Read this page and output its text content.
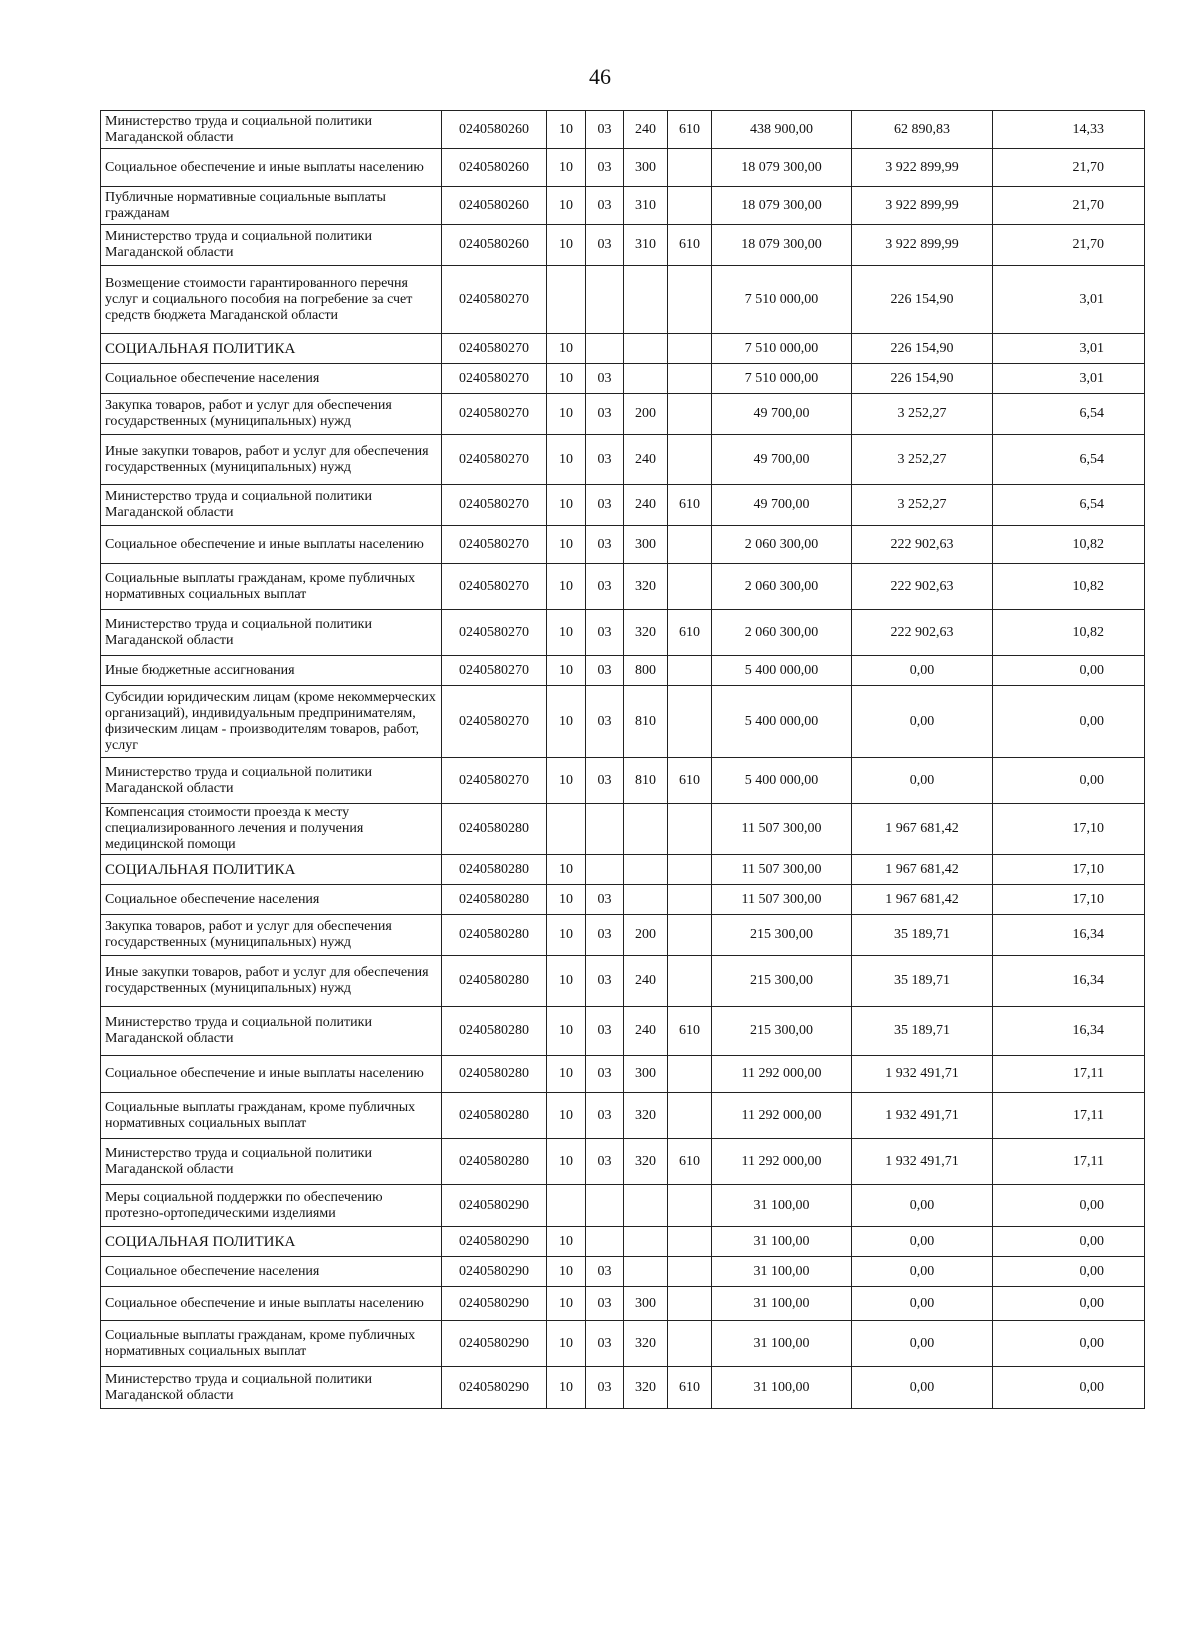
46
Министерство труда и социальной политики Магаданской области	0240580260	10	03	240	610	438 900,00	62 890,83	14,33
Социальное обеспечение и иные выплаты населению	0240580260	10	03	300		18 079 300,00	3 922 899,99	21,70
Публичные нормативные социальные выплаты гражданам	0240580260	10	03	310		18 079 300,00	3 922 899,99	21,70
Министерство труда и социальной политики Магаданской области	0240580260	10	03	310	610	18 079 300,00	3 922 899,99	21,70
Возмещение стоимости гарантированного перечня услуг и социального пособия на погребение за счет средств бюджета Магаданской области	0240580270					7 510 000,00	226 154,90	3,01
СОЦИАЛЬНАЯ ПОЛИТИКА	0240580270	10				7 510 000,00	226 154,90	3,01
Социальное обеспечение населения	0240580270	10	03			7 510 000,00	226 154,90	3,01
Закупка товаров, работ и услуг для обеспечения государственных (муниципальных) нужд	0240580270	10	03	200		49 700,00	3 252,27	6,54
Иные закупки товаров, работ и услуг для обеспечения государственных (муниципальных) нужд	0240580270	10	03	240		49 700,00	3 252,27	6,54
Министерство труда и социальной политики Магаданской области	0240580270	10	03	240	610	49 700,00	3 252,27	6,54
Социальное обеспечение и иные выплаты населению	0240580270	10	03	300		2 060 300,00	222 902,63	10,82
Социальные выплаты гражданам, кроме публичных нормативных социальных выплат	0240580270	10	03	320		2 060 300,00	222 902,63	10,82
Министерство труда и социальной политики Магаданской области	0240580270	10	03	320	610	2 060 300,00	222 902,63	10,82
Иные бюджетные ассигнования	0240580270	10	03	800		5 400 000,00	0,00	0,00
Субсидии юридическим лицам (кроме некоммерческих организаций), индивидуальным предпринимателям, физическим лицам - производителям товаров, работ, услуг	0240580270	10	03	810		5 400 000,00	0,00	0,00
Министерство труда и социальной политики Магаданской области	0240580270	10	03	810	610	5 400 000,00	0,00	0,00
Компенсация стоимости проезда к месту специализированного лечения и получения медицинской помощи	0240580280					11 507 300,00	1 967 681,42	17,10
СОЦИАЛЬНАЯ ПОЛИТИКА	0240580280	10				11 507 300,00	1 967 681,42	17,10
Социальное обеспечение населения	0240580280	10	03			11 507 300,00	1 967 681,42	17,10
Закупка товаров, работ и услуг для обеспечения государственных (муниципальных) нужд	0240580280	10	03	200		215 300,00	35 189,71	16,34
Иные закупки товаров, работ и услуг для обеспечения государственных (муниципальных) нужд	0240580280	10	03	240		215 300,00	35 189,71	16,34
Министерство труда и социальной политики Магаданской области	0240580280	10	03	240	610	215 300,00	35 189,71	16,34
Социальное обеспечение и иные выплаты населению	0240580280	10	03	300		11 292 000,00	1 932 491,71	17,11
Социальные выплаты гражданам, кроме публичных нормативных социальных выплат	0240580280	10	03	320		11 292 000,00	1 932 491,71	17,11
Министерство труда и социальной политики Магаданской области	0240580280	10	03	320	610	11 292 000,00	1 932 491,71	17,11
Меры социальной поддержки по обеспечению протезно-ортопедическими изделиями	0240580290					31 100,00	0,00	0,00
СОЦИАЛЬНАЯ ПОЛИТИКА	0240580290	10				31 100,00	0,00	0,00
Социальное обеспечение населения	0240580290	10	03			31 100,00	0,00	0,00
Социальное обеспечение и иные выплаты населению	0240580290	10	03	300		31 100,00	0,00	0,00
Социальные выплаты гражданам, кроме публичных нормативных социальных выплат	0240580290	10	03	320		31 100,00	0,00	0,00
Министерство труда и социальной политики Магаданской области	0240580290	10	03	320	610	31 100,00	0,00	0,00
